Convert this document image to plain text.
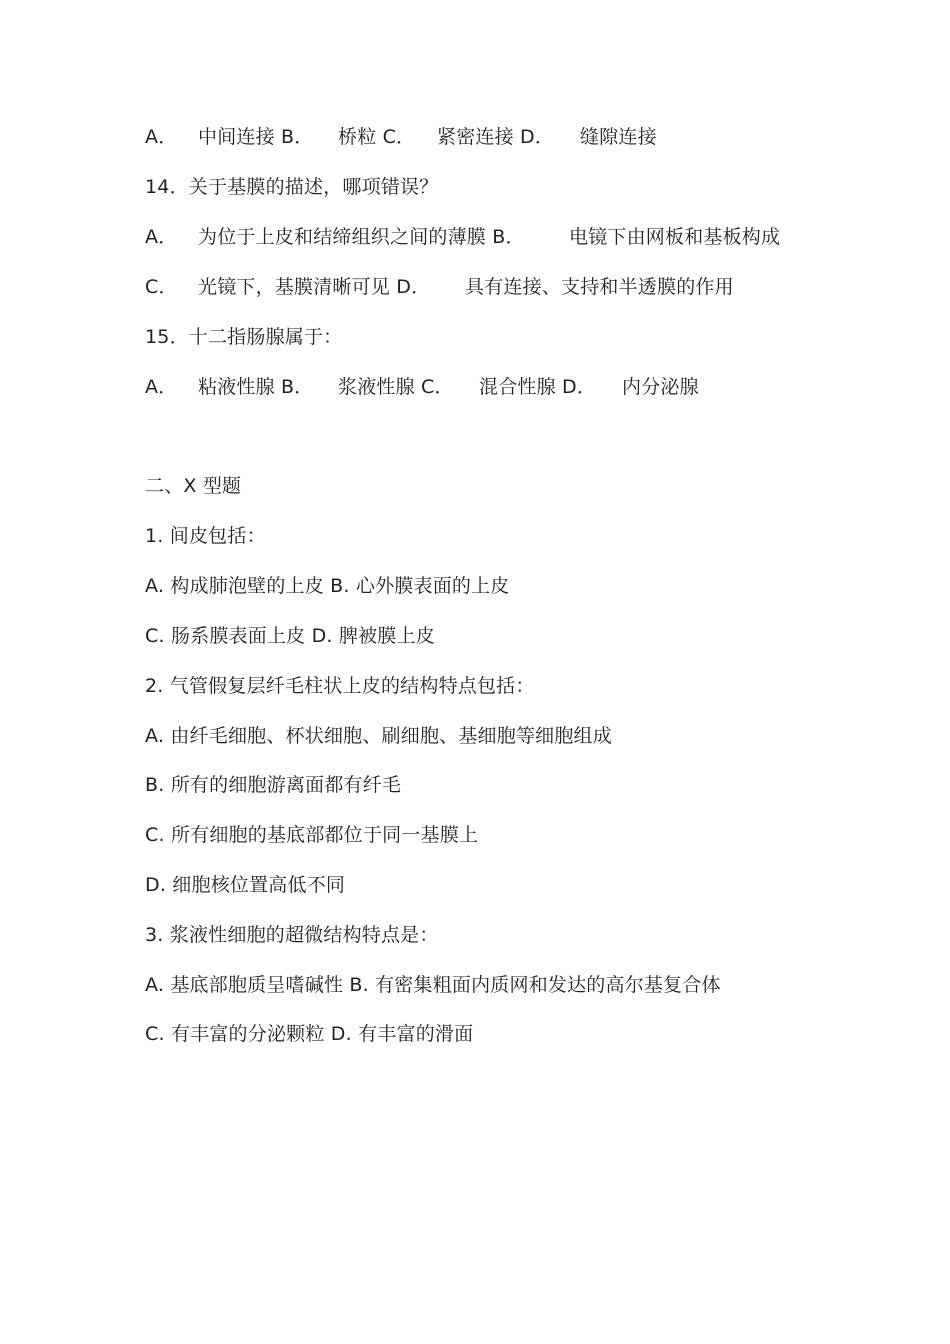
A． 中间连接 B． 桥粒 C． 紧密连接 D． 缝隙连接
14．关于基膜的描述，哪项错误？
A． 为位于上皮和结缔组织之间的薄膜 B． 电镜下由网板和基板构成
C． 光镜下，基膜清晰可见 D． 具有连接、支持和半透膜的作用
15．十二指肠腺属于：
A． 粘液性腺 B． 浆液性腺 C． 混合性腺 D． 内分泌腺
二、X 型题
1. 间皮包括：
A. 构成肺泡壁的上皮 B. 心外膜表面的上皮
C. 肠系膜表面上皮 D. 脾被膜上皮
2. 气管假复层纤毛柱状上皮的结构特点包括：
A. 由纤毛细胞、杯状细胞、刷细胞、基细胞等细胞组成
B. 所有的细胞游离面都有纤毛
C. 所有细胞的基底部都位于同一基膜上
D. 细胞核位置高低不同
3. 浆液性细胞的超微结构特点是：
A. 基底部胞质呈嗜碱性 B. 有密集粗面内质网和发达的高尔基复合体
C. 有丰富的分泌颗粒 D. 有丰富的滑面
